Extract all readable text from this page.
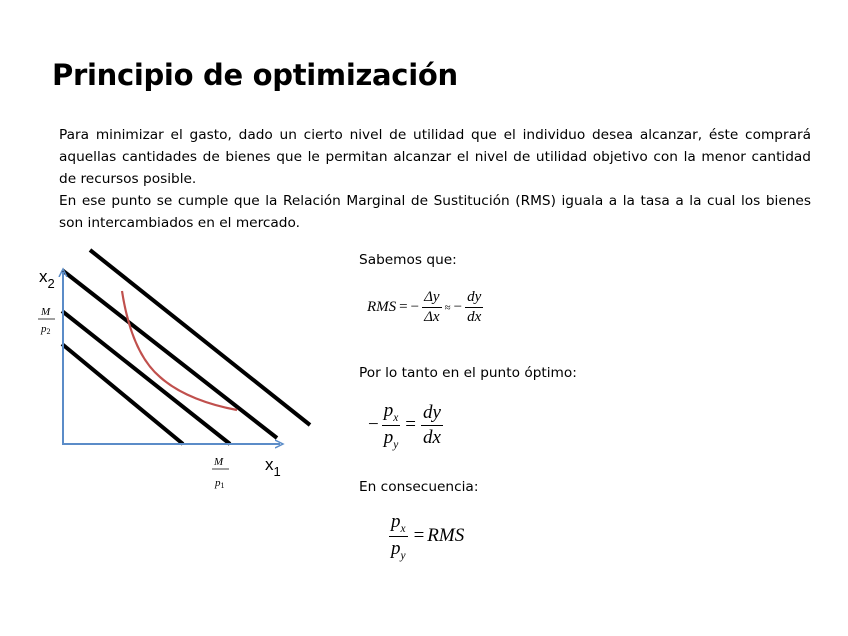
Principio de optimización

Para minimizar el gasto, dado un cierto nivel de utilidad que el individuo desea alcanzar, éste comprará aquellas cantidades de bienes que le permitan alcanzar el nivel de utilidad objetivo con la menor cantidad de recursos posible.

En ese punto se cumple que la Relación Marginal de Sustitución (RMS) iguala a la tasa a la cual los bienes son intercambiados en el mercado.

$x_2$
$x_1$
M
p2
M
p1
Sabemos que:
RMS = − $\frac{\Delta y}{\Delta x}$ ≈ − $\frac{dy}{dx}$
Por lo tanto en el punto óptimo:
− $\frac{p_x}{p_y} = \frac{dy}{dx}$
En consecuencia:
$\frac{p_x}{p_y}$ = RMS
